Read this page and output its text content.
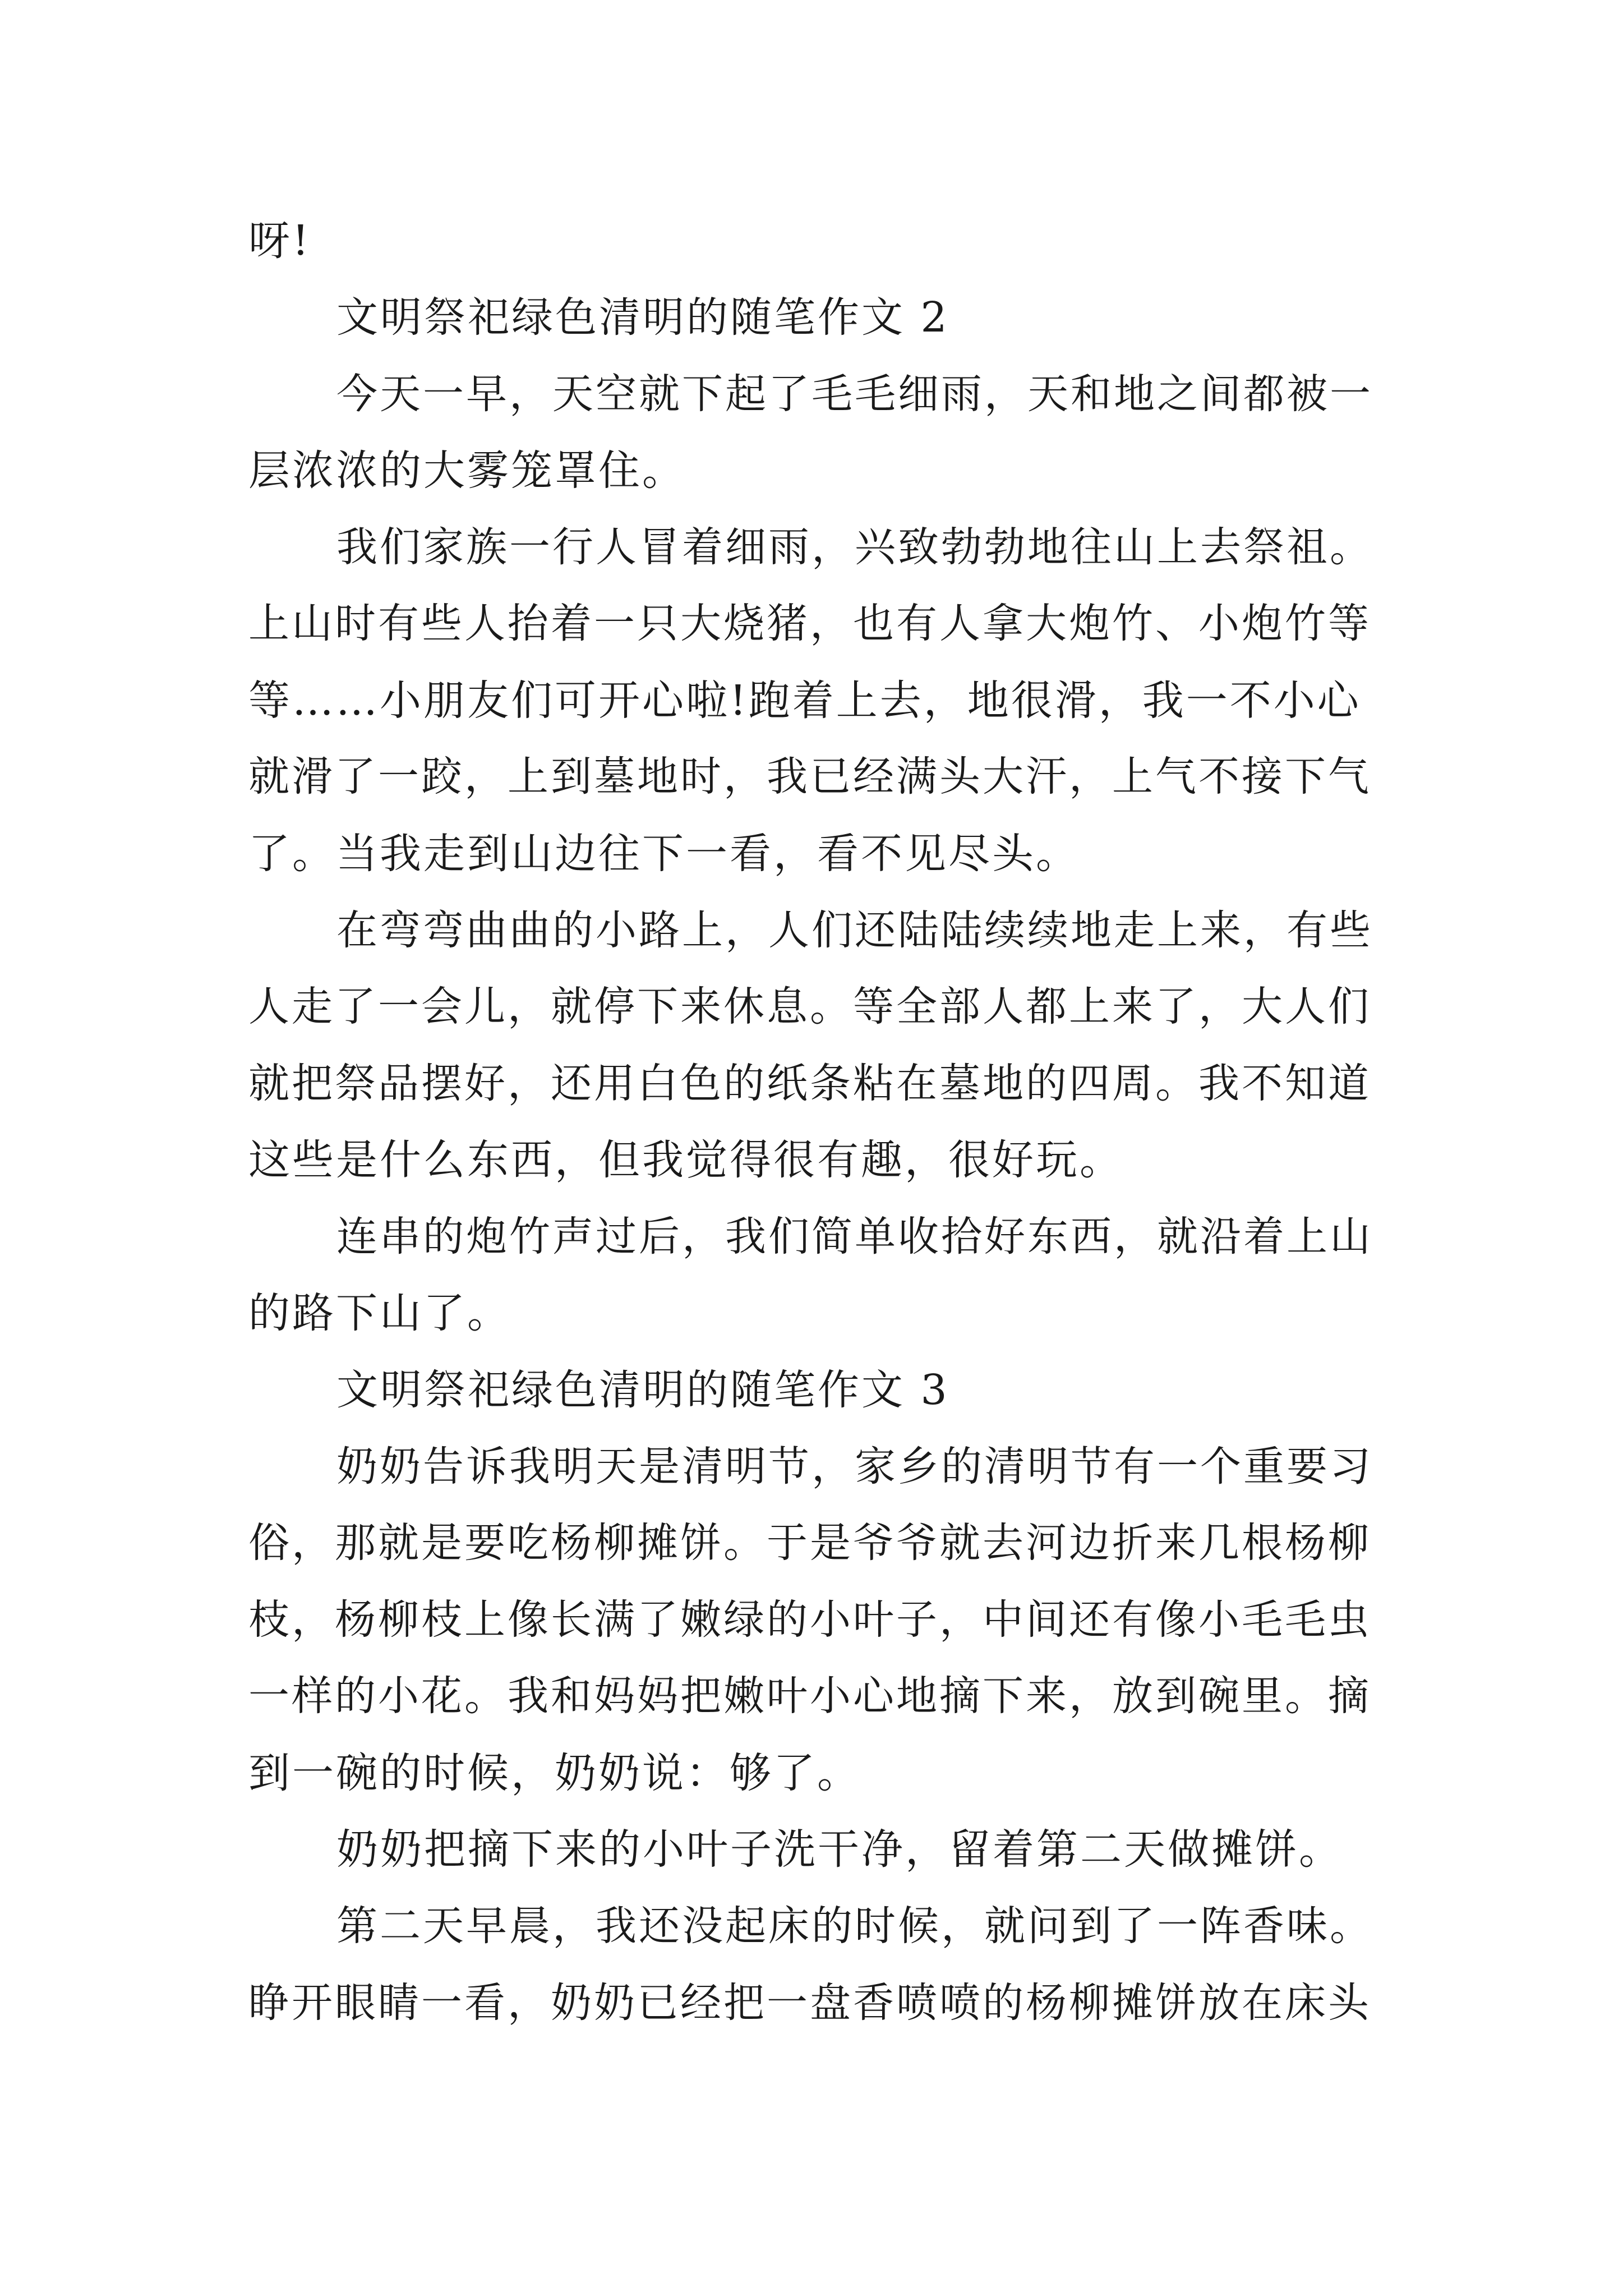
呀!
文明祭祀绿色清明的随笔作文 2
今天一早，天空就下起了毛毛细雨，天和地之间都被一
层浓浓的大雾笼罩住。
我们家族一行人冒着细雨，兴致勃勃地往山上去祭祖。
上山时有些人抬着一只大烧猪，也有人拿大炮竹、小炮竹等
等……小朋友们可开心啦!跑着上去，地很滑，我一不小心
就滑了一跤，上到墓地时，我已经满头大汗，上气不接下气
了。当我走到山边往下一看，看不见尽头。
在弯弯曲曲的小路上，人们还陆陆续续地走上来，有些
人走了一会儿，就停下来休息。等全部人都上来了，大人们
就把祭品摆好，还用白色的纸条粘在墓地的四周。我不知道
这些是什么东西，但我觉得很有趣，很好玩。
连串的炮竹声过后，我们简单收拾好东西，就沿着上山
的路下山了。
文明祭祀绿色清明的随笔作文 3
奶奶告诉我明天是清明节，家乡的清明节有一个重要习
俗，那就是要吃杨柳摊饼。于是爷爷就去河边折来几根杨柳
枝，杨柳枝上像长满了嫩绿的小叶子，中间还有像小毛毛虫
一样的小花。我和妈妈把嫩叶小心地摘下来，放到碗里。摘
到一碗的时候，奶奶说：够了。
奶奶把摘下来的小叶子洗干净，留着第二天做摊饼。
第二天早晨，我还没起床的时候，就问到了一阵香味。
睁开眼睛一看，奶奶已经把一盘香喷喷的杨柳摊饼放在床头
